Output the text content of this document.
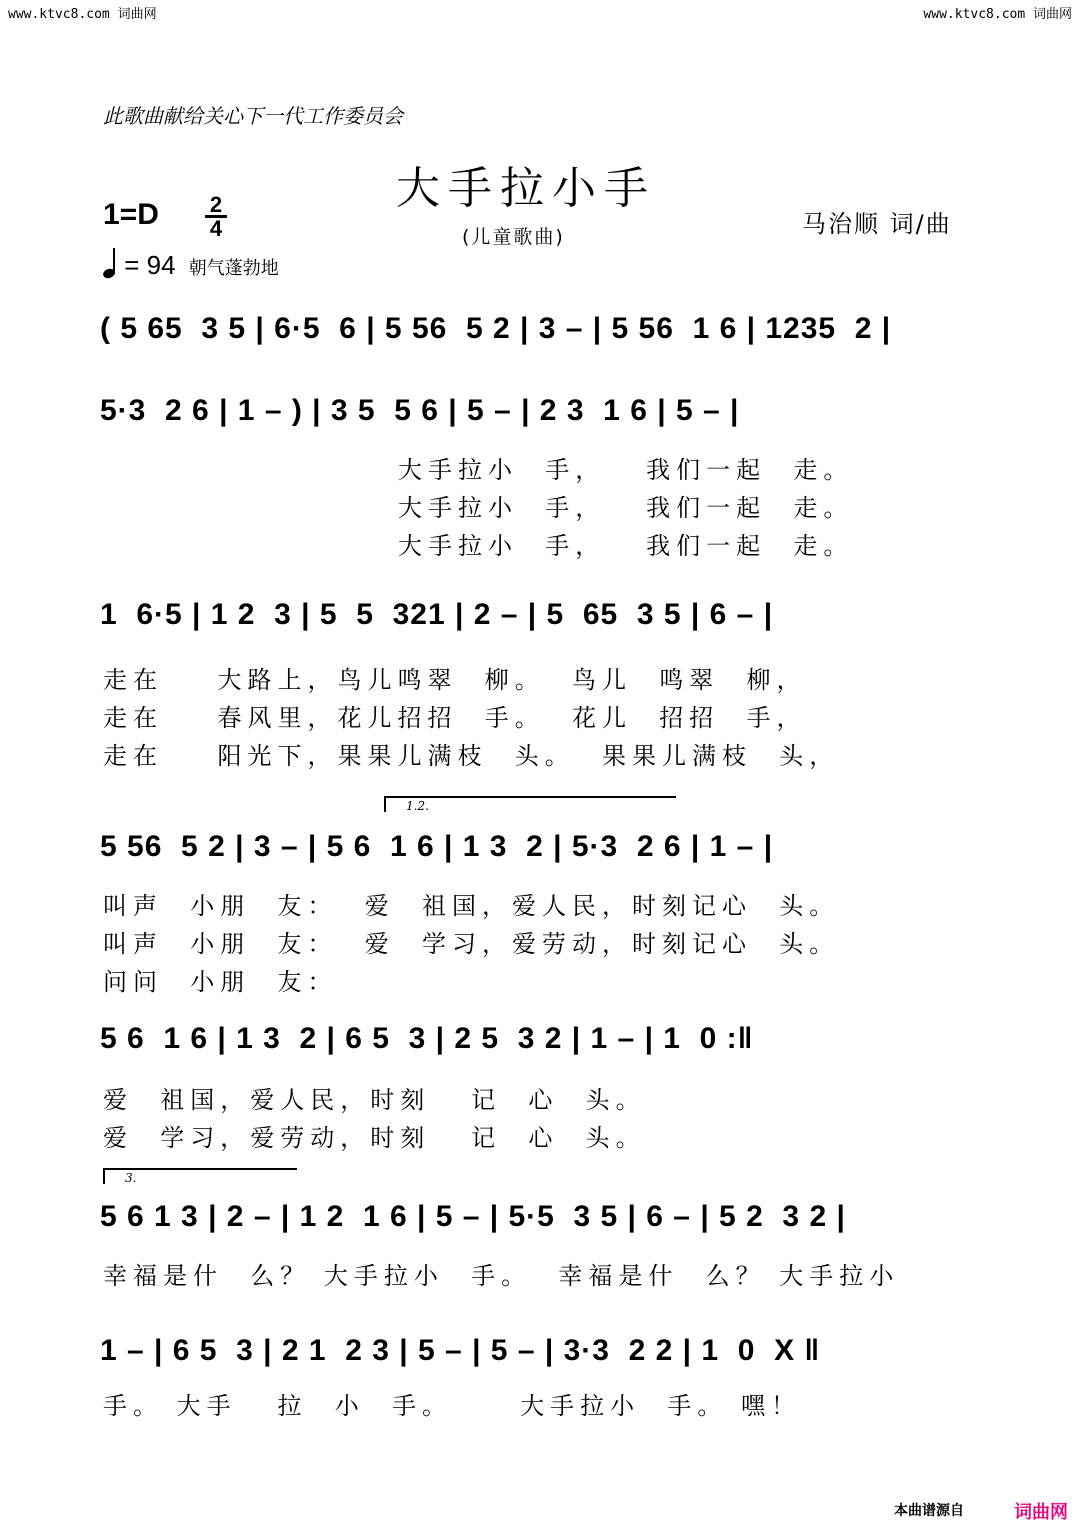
www.ktvc8.com 词曲网	www.ktvc8.com 词曲网
此歌曲献给关心下一代工作委员会
大手拉小手
(儿童歌曲)
1=D	2
4
= 94 朝气蓬勃地
马治顺 词/曲
( 5 65  3 5 | 6·5  6 | 5 56  5 2 | 3 – | 5 56  1 6 | 1235  2 |
5·3  2 6 | 1 – ) | 3 5  5 6 | 5 – | 2 3  1 6 | 5 – |
大手拉小  手，   我们一起  走。
大手拉小  手，   我们一起  走。
大手拉小  手，   我们一起  走。
1  6·5 | 1 2  3 | 5  5  321 | 2 – | 5  65  3 5 | 6 – |
走在    大路上，鸟儿鸣翠  柳。  鸟儿  鸣翠  柳，
走在    春风里，花儿招招  手。  花儿  招招  手，
走在    阳光下，果果儿满枝  头。  果果儿满枝  头，
1.2.
5 56  5 2 | 3 – | 5 6  1 6 | 1 3  2 | 5·3  2 6 | 1 – |
叫声  小朋  友：  爱  祖国，爱人民，时刻记心  头。
叫声  小朋  友：  爱  学习，爱劳动，时刻记心  头。
问问  小朋  友：
5 6  1 6 | 1 3  2 | 6 5  3 | 2 5  3 2 | 1 – | 1  0 :‖
爱  祖国，爱人民，时刻   记  心  头。
爱  学习，爱劳动，时刻   记  心  头。
3.
5 6 1 3 | 2 – | 1 2  1 6 | 5 – | 5·5  3 5 | 6 – | 5 2  3 2 |
幸福是什  么？ 大手拉小  手。  幸福是什  么？ 大手拉小
1 – | 6 5  3 | 2 1  2 3 | 5 – | 5 – | 3·3  2 2 | 1  0  X ‖
手。 大手   拉  小  手。     大手拉小  手。 嘿！
本曲谱源自	词曲网
